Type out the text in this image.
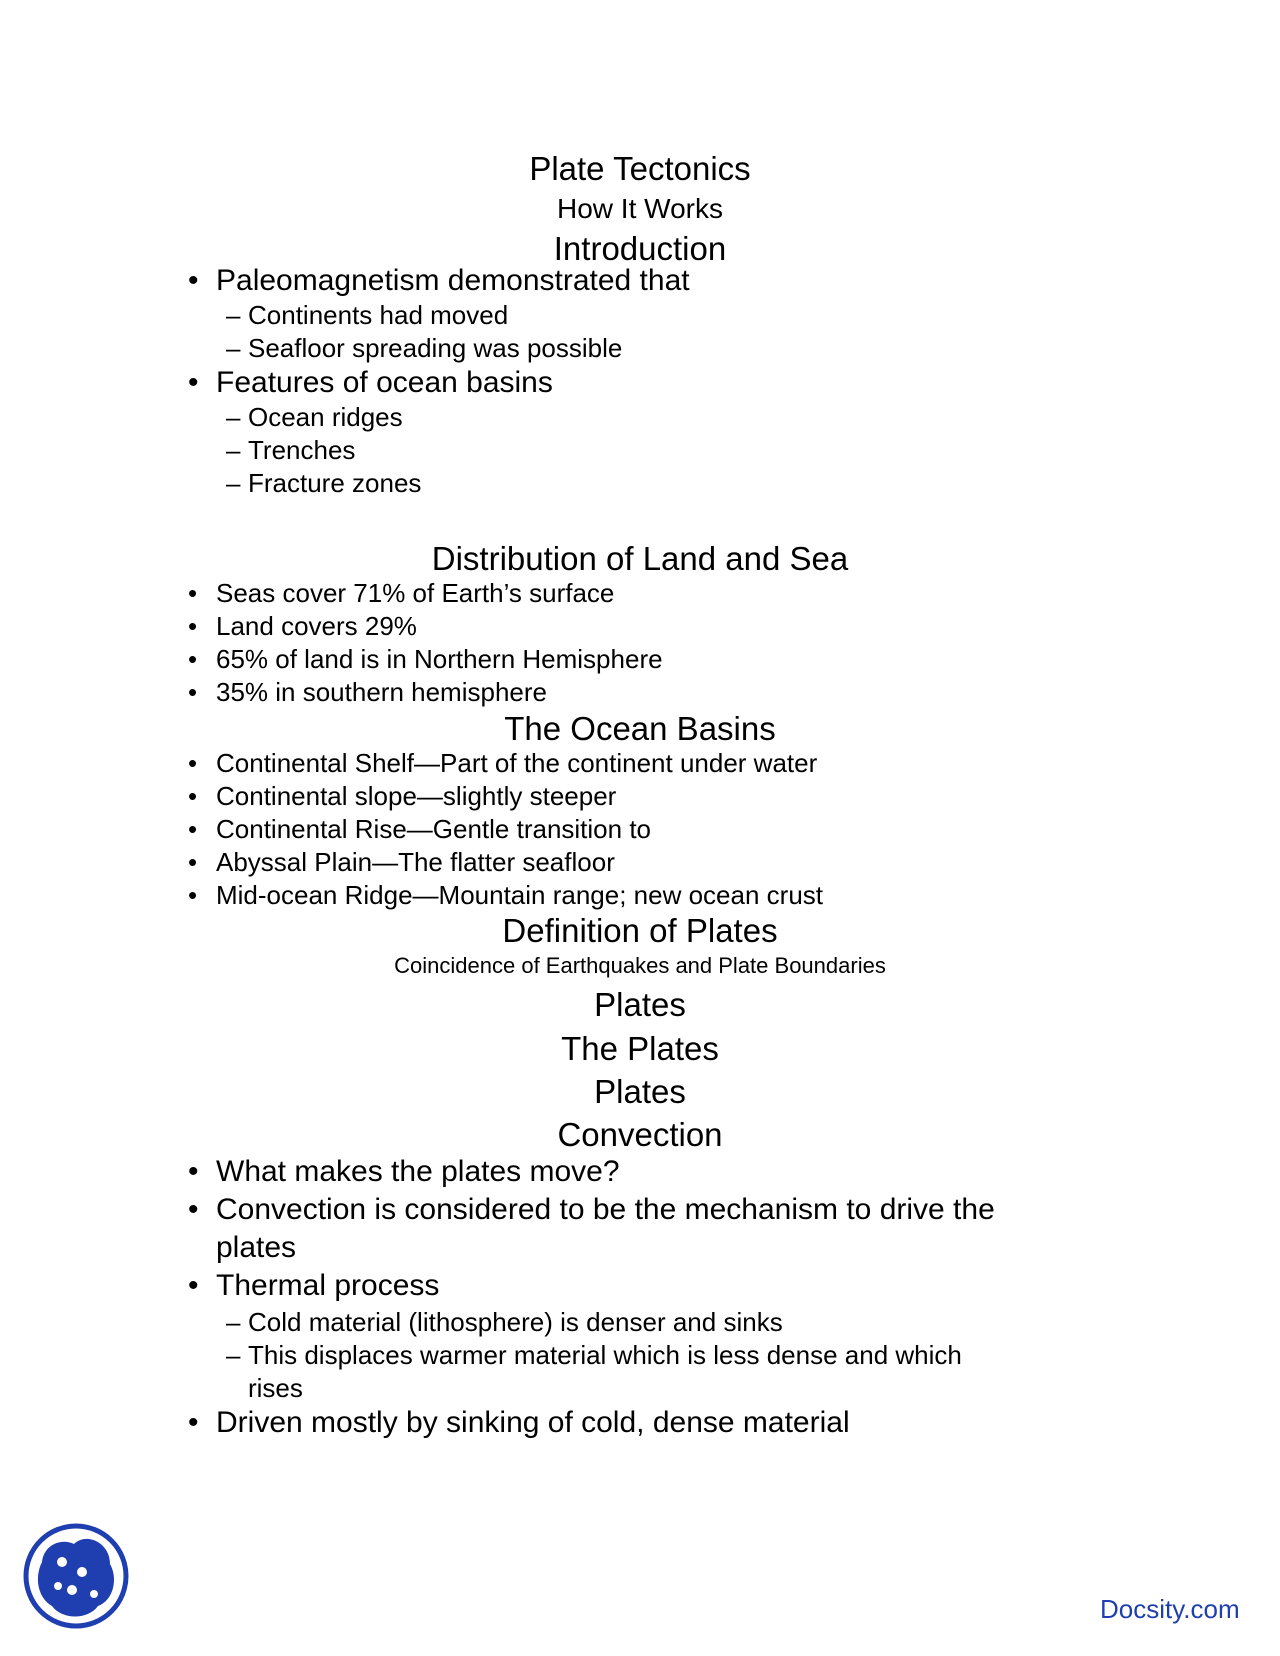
Plate Tectonics
How It Works
Introduction
• Paleomagnetism demonstrated that
– Continents had moved
– Seafloor spreading was possible
• Features of ocean basins
– Ocean ridges
– Trenches
– Fracture zones
Distribution of Land and Sea
• Seas cover 71% of Earth’s surface
• Land covers 29%
• 65% of land is in Northern Hemisphere
• 35% in southern hemisphere
The Ocean Basins
• Continental Shelf—Part of the continent under water
• Continental slope—slightly steeper
• Continental Rise—Gentle transition to
• Abyssal Plain—The flatter seafloor
• Mid-ocean Ridge—Mountain range; new ocean crust
Definition of Plates
Coincidence of Earthquakes and Plate Boundaries
Plates
The Plates
Plates
Convection
• What makes the plates move?
• Convection is considered to be the mechanism to drive the
plates
• Thermal process
– Cold material (lithosphere) is denser and sinks
– This displaces warmer material which is less dense and which
rises
• Driven mostly by sinking of cold, dense material
Docsity.com
